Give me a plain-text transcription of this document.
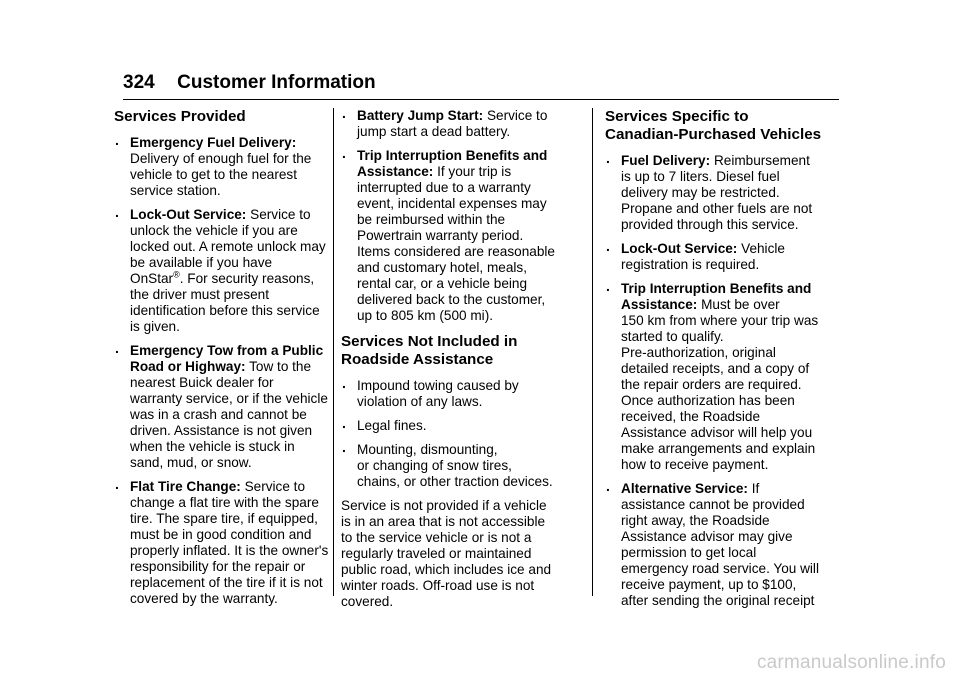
324 Customer Information
Services Provided
. Emergency Fuel Delivery:
Delivery of enough fuel for the
vehicle to get to the nearest
service station.
. Lock-Out Service: Service to
unlock the vehicle if you are
locked out. A remote unlock may
be available if you have
OnStar®. For security reasons,
the driver must present
identification before this service
is given.
. Emergency Tow from a Public
Road or Highway: Tow to the
nearest Buick dealer for
warranty service, or if the vehicle
was in a crash and cannot be
driven. Assistance is not given
when the vehicle is stuck in
sand, mud, or snow.
. Flat Tire Change: Service to
change a flat tire with the spare
tire. The spare tire, if equipped,
must be in good condition and
properly inflated. It is the owner's
responsibility for the repair or
replacement of the tire if it is not
covered by the warranty.
. Battery Jump Start: Service to
jump start a dead battery.
. Trip Interruption Benefits and
Assistance: If your trip is
interrupted due to a warranty
event, incidental expenses may
be reimbursed within the
Powertrain warranty period.
Items considered are reasonable
and customary hotel, meals,
rental car, or a vehicle being
delivered back to the customer,
up to 805 km (500 mi).
Services Not Included in
Roadside Assistance
. Impound towing caused by
violation of any laws.
. Legal fines.
. Mounting, dismounting,
or changing of snow tires,
chains, or other traction devices.
Service is not provided if a vehicle
is in an area that is not accessible
to the service vehicle or is not a
regularly traveled or maintained
public road, which includes ice and
winter roads. Off-road use is not
covered.
Services Specific to
Canadian-Purchased Vehicles
. Fuel Delivery: Reimbursement
is up to 7 liters. Diesel fuel
delivery may be restricted.
Propane and other fuels are not
provided through this service.
. Lock-Out Service: Vehicle
registration is required.
. Trip Interruption Benefits and
Assistance: Must be over
150 km from where your trip was
started to qualify.
Pre-authorization, original
detailed receipts, and a copy of
the repair orders are required.
Once authorization has been
received, the Roadside
Assistance advisor will help you
make arrangements and explain
how to receive payment.
. Alternative Service: If
assistance cannot be provided
right away, the Roadside
Assistance advisor may give
permission to get local
emergency road service. You will
receive payment, up to $100,
after sending the original receipt
carmanualsonline.info
